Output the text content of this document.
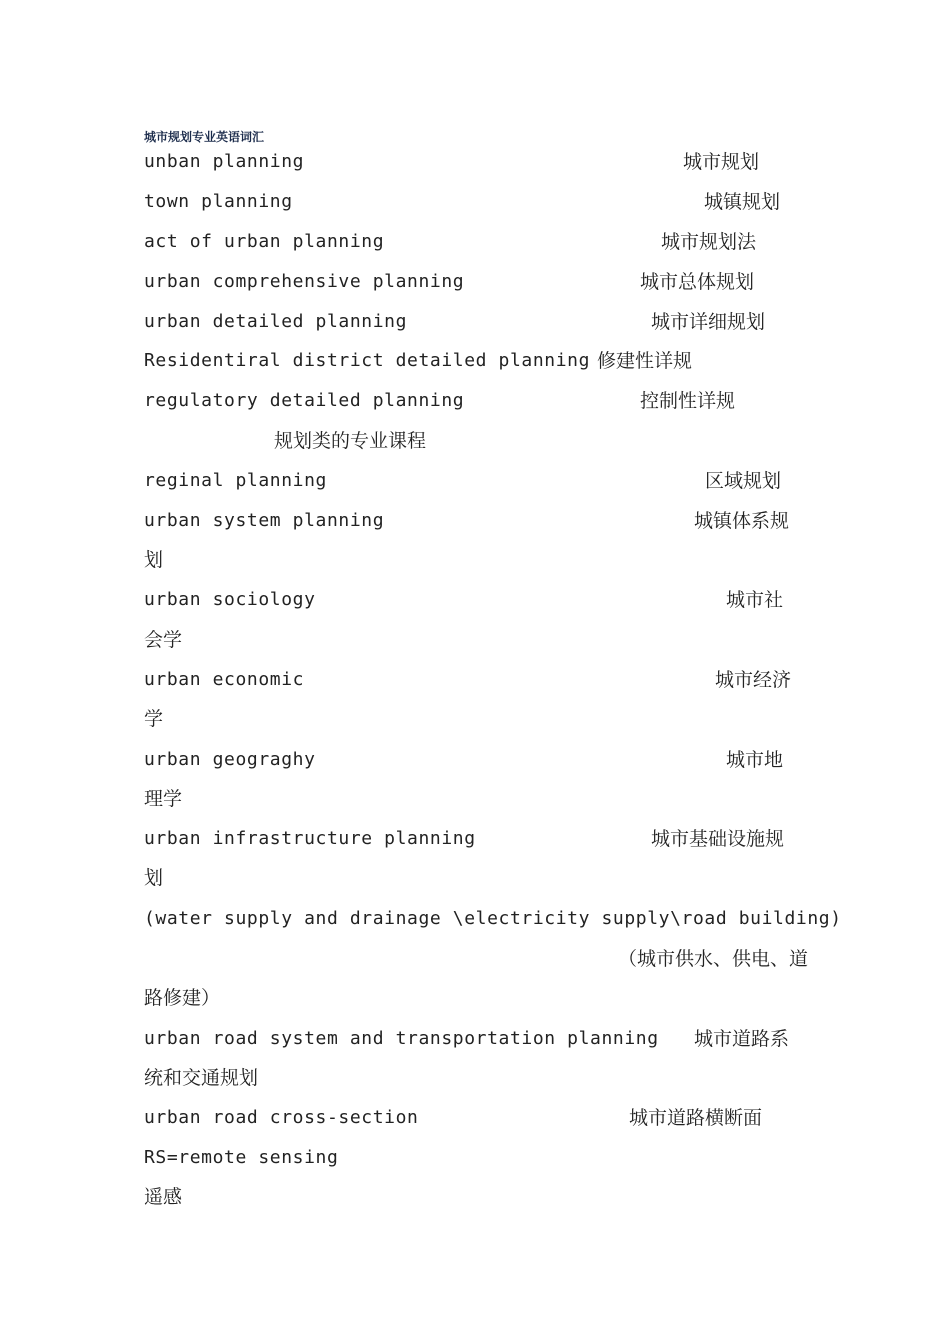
城市规划专业英语词汇
unban planning	城市规划
town planning	城镇规划
act of urban planning	城市规划法
urban comprehensive planning	城市总体规划
urban detailed planning	城市详细规划
Residentiral district detailed planning 修建性详规
regulatory detailed planning	控制性详规
规划类的专业课程
reginal planning	区域规划
urban system planning	城镇体系规
划
urban sociology	城市社
会学
urban economic	城市经济
学
urban geograghy	城市地
理学
urban infrastructure planning	城市基础设施规
划
(water supply and drainage \electricity supply\road building)
（城市供水、供电、道
路修建）
urban road system and transportation planning 城市道路系
统和交通规划
urban road cross-section	城市道路横断面
RS=remote sensing
遥感
